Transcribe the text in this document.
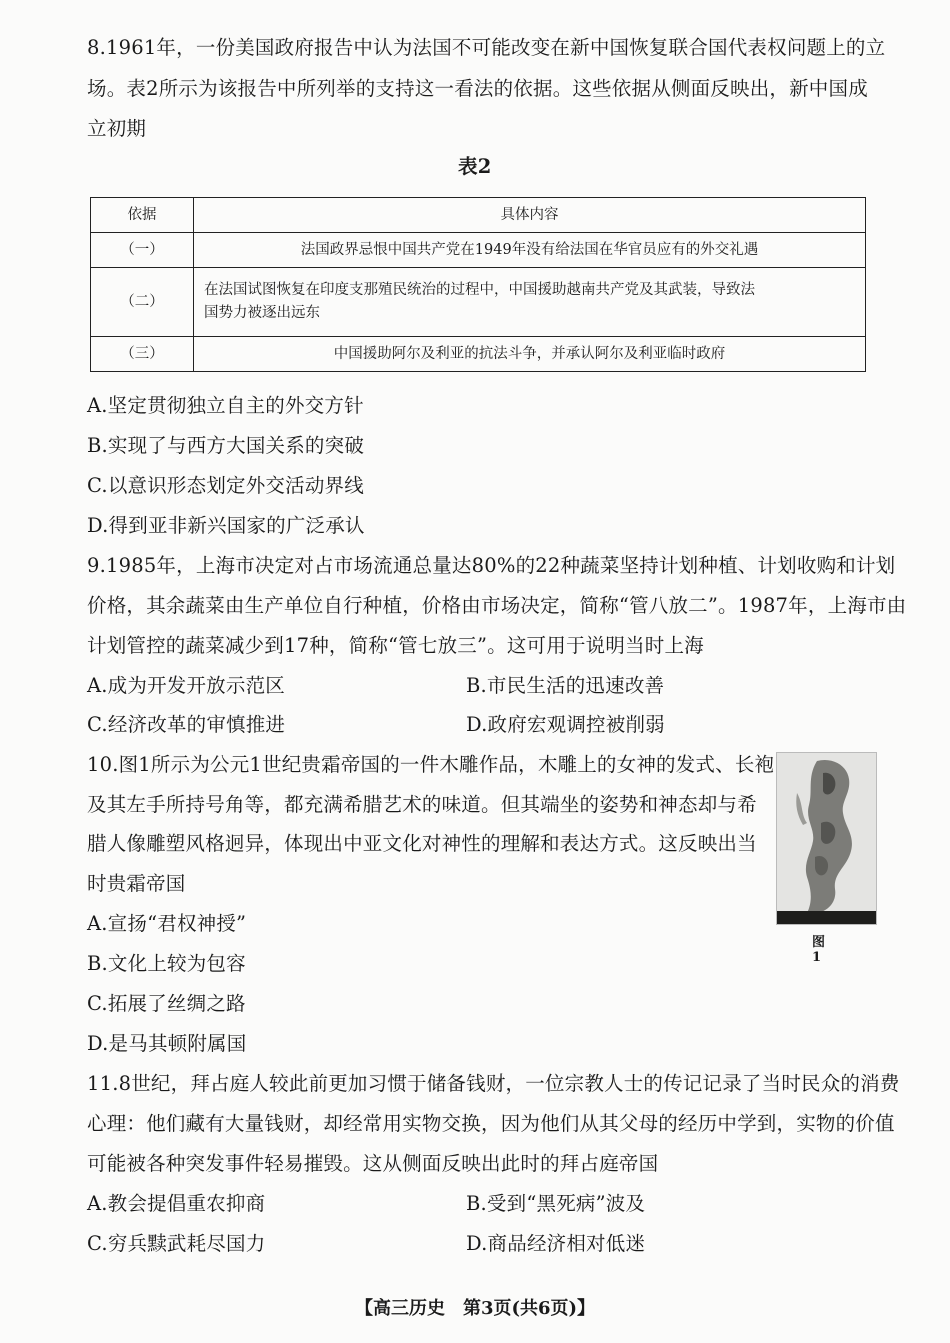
8.1961年，一份美国政府报告中认为法国不可能改变在新中国恢复联合国代表权问题上的立
场。表2所示为该报告中所列举的支持这一看法的依据。这些依据从侧面反映出，新中国成
立初期
表2
依据	具体内容
（一）	法国政界忌恨中国共产党在1949年没有给法国在华官员应有的外交礼遇
（二）	在法国试图恢复在印度支那殖民统治的过程中，中国援助越南共产党及其武装，导致法
国势力被逐出远东

（三）	中国援助阿尔及利亚的抗法斗争，并承认阿尔及利亚临时政府
A.坚定贯彻独立自主的外交方针
B.实现了与西方大国关系的突破
C.以意识形态划定外交活动界线
D.得到亚非新兴国家的广泛承认
9.1985年，上海市决定对占市场流通总量达80%的22种蔬菜坚持计划种植、计划收购和计划
价格，其余蔬菜由生产单位自行种植，价格由市场决定，简称“管八放二”。1987年，上海市由
计划管控的蔬菜减少到17种，简称“管七放三”。这可用于说明当时上海
A.成为开发开放示范区	B.市民生活的迅速改善
C.经济改革的审慎推进	D.政府宏观调控被削弱
10.图1所示为公元1世纪贵霜帝国的一件木雕作品，木雕上的女神的发式、长袍
及其左手所持号角等，都充满希腊艺术的味道。但其端坐的姿势和神态却与希
腊人像雕塑风格迥异，体现出中亚文化对神性的理解和表达方式。这反映出当
时贵霜帝国
图1
A.宣扬“君权神授”
B.文化上较为包容
C.拓展了丝绸之路
D.是马其顿附属国
11.8世纪，拜占庭人较此前更加习惯于储备钱财，一位宗教人士的传记记录了当时民众的消费
心理：他们藏有大量钱财，却经常用实物交换，因为他们从其父母的经历中学到，实物的价值
可能被各种突发事件轻易摧毁。这从侧面反映出此时的拜占庭帝国
A.教会提倡重农抑商	B.受到“黑死病”波及
C.穷兵黩武耗尽国力	D.商品经济相对低迷
【高三历史　第3页(共6页)】
